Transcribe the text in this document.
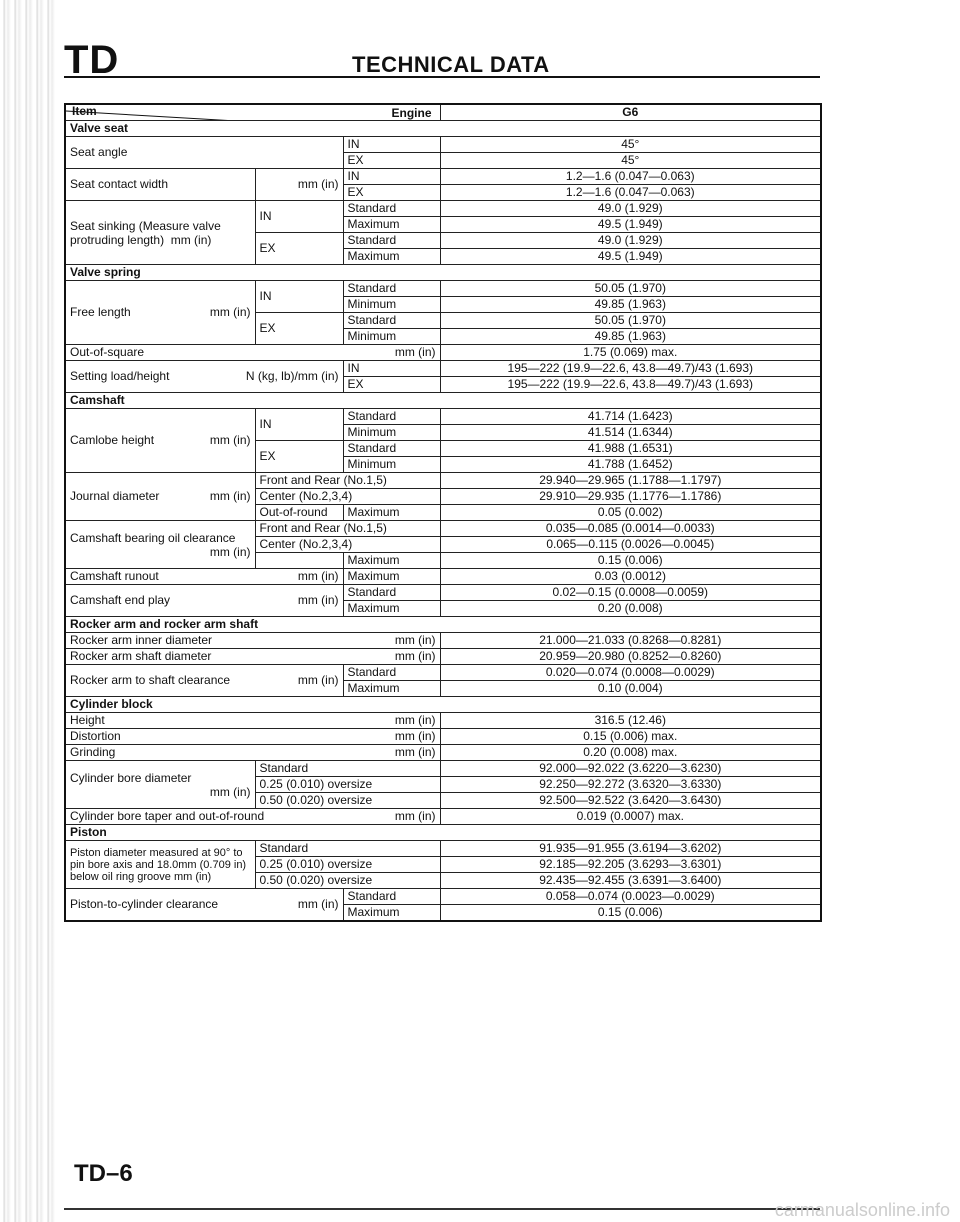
TD	TECHNICAL DATA
Engine
Item			G6
Valve seat			
Seat angle		IN	45°
		EX	45°
Seat contact width	mm (in)	IN	1.2—1.6 (0.047—0.063)
		EX	1.2—1.6 (0.047—0.063)
Seat sinking (Measure valve protruding length) mm (in)	IN	Standard	49.0 (1.929)
		Maximum	49.5 (1.949)
	EX	Standard	49.0 (1.929)
		Maximum	49.5 (1.949)
Valve spring			
Free length mm (in)	IN	Standard	50.05 (1.970)
		Minimum	49.85 (1.963)
	EX	Standard	50.05 (1.970)
		Minimum	49.85 (1.963)
Out-of-square mm (in)			1.75 (0.069) max.
Setting load/height N (kg, lb)/mm (in)		IN	195—222 (19.9—22.6, 43.8—49.7)/43 (1.693)
		EX	195—222 (19.9—22.6, 43.8—49.7)/43 (1.693)
Camshaft			
Camlobe height mm (in)	IN	Standard	41.714 (1.6423)
		Minimum	41.514 (1.6344)
	EX	Standard	41.988 (1.6531)
		Minimum	41.788 (1.6452)
Journal diameter mm (in)	Front and Rear (No.1,5)		29.940—29.965 (1.1788—1.1797)
	Center (No.2,3,4)		29.910—29.935 (1.1776—1.1786)
	Out-of-round	Maximum	0.05 (0.002)
Camshaft bearing oil clearance
mm (in)	Front and Rear (No.1,5)		0.035—0.085 (0.0014—0.0033)
	Center (No.2,3,4)		0.065—0.115 (0.0026—0.0045)
		Maximum	0.15 (0.006)
Camshaft runout mm (in)		Maximum	0.03 (0.0012)
Camshaft end play mm (in)		Standard	0.02—0.15 (0.0008—0.0059)
		Maximum	0.20 (0.008)
Rocker arm and rocker arm shaft			
Rocker arm inner diameter mm (in)			21.000—21.033 (0.8268—0.8281)
Rocker arm shaft diameter mm (in)			20.959—20.980 (0.8252—0.8260)
Rocker arm to shaft clearance mm (in)		Standard	0.020—0.074 (0.0008—0.0029)
		Maximum	0.10 (0.004)
Cylinder block			
Height mm (in)			316.5 (12.46)
Distortion mm (in)			0.15 (0.006) max.
Grinding mm (in)			0.20 (0.008) max.
Cylinder bore diameter

mm (in)	Standard		92.000—92.022 (3.6220—3.6230)
	0.25 (0.010) oversize		92.250—92.272 (3.6320—3.6330)
	0.50 (0.020) oversize		92.500—92.522 (3.6420—3.6430)
Cylinder bore taper and out-of-round mm (in)			0.019 (0.0007) max.
Piston			
Piston diameter measured at 90° to pin bore axis and 18.0mm (0.709 in) below oil ring groove mm (in)	Standard		91.935—91.955 (3.6194—3.6202)
	0.25 (0.010) oversize		92.185—92.205 (3.6293—3.6301)
	0.50 (0.020) oversize		92.435—92.455 (3.6391—3.6400)
Piston-to-cylinder clearance mm (in)		Standard	0.058—0.074 (0.0023—0.0029)
		Maximum	0.15 (0.006)
TD–6
carmanualsonline.info
